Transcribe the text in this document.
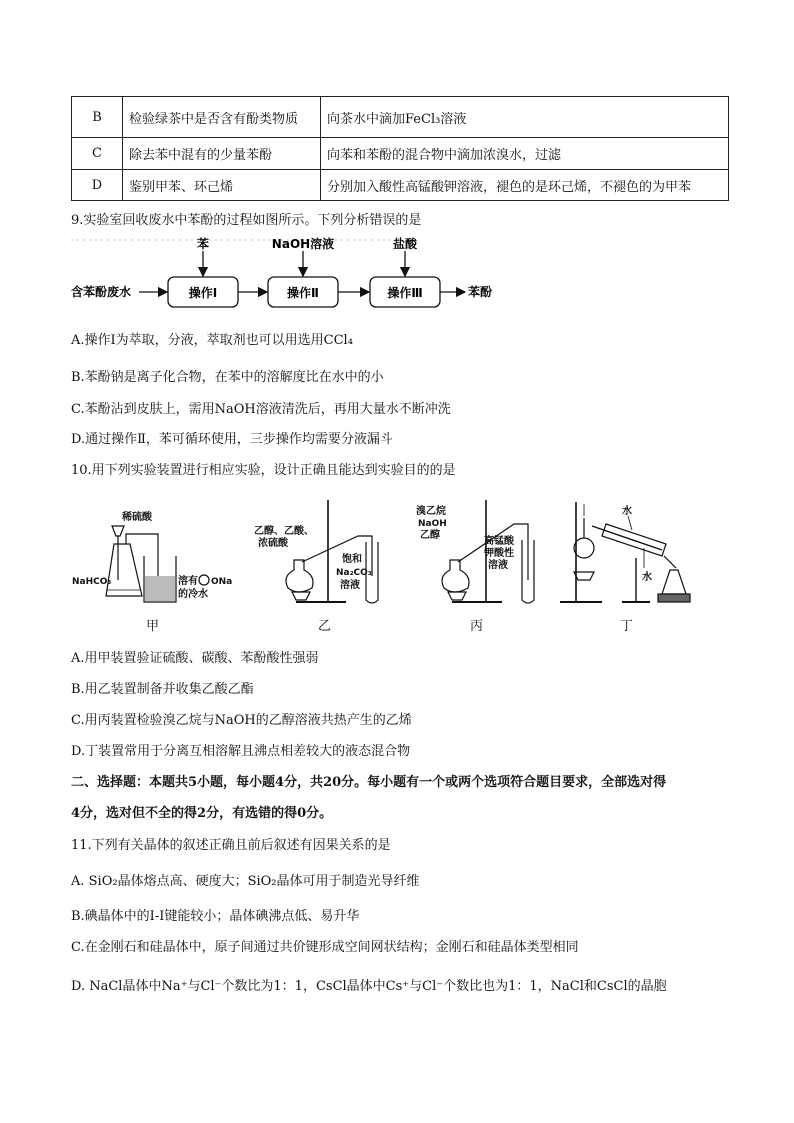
B	检验绿茶中是否含有酚类物质	向茶水中滴加FeCl₃溶液
C	除去苯中混有的少量苯酚	向苯和苯酚的混合物中滴加浓溴水，过滤
D	鉴别甲苯、环己烯	分别加入酸性高锰酸钾溶液，褪色的是环己烯，不褪色的为甲苯
9.实验室回收废水中苯酚的过程如图所示。下列分析错误的是
含苯酚废水	操作Ⅰ
苯
操作Ⅱ
NaOH溶液
操作Ⅲ
盐酸
苯酚
A.操作Ⅰ为萃取，分液，萃取剂也可以用选用CCl₄
B.苯酚钠是离子化合物，在苯中的溶解度比在水中的小
C.苯酚沾到皮肤上，需用NaOH溶液清洗后，再用大量水不断冲洗
D.通过操作Ⅱ，苯可循环使用，三步操作均需要分液漏斗
10.用下列实验装置进行相应实验，设计正确且能达到实验目的的是
稀硫酸
NaHCO₃	溶有 ONa
的冷水
甲
乙醇、乙酸、
浓硫酸
饱和
Na₂CO₃
溶液
乙
溴乙烷
NaOH
乙醇
高锰酸
钾酸性
溶液
丙
水
水
丁
A.用甲装置验证硫酸、碳酸、苯酚酸性强弱
B.用乙装置制备并收集乙酸乙酯
C.用丙装置检验溴乙烷与NaOH的乙醇溶液共热产生的乙烯
D.丁装置常用于分离互相溶解且沸点相差较大的液态混合物
二、选择题：本题共5小题，每小题4分，共20分。每小题有一个或两个选项符合题目要求，全部选对得
4分，选对但不全的得2分，有选错的得0分。
11.下列有关晶体的叙述正确且前后叙述有因果关系的是
A. SiO₂晶体熔点高、硬度大；SiO₂晶体可用于制造光导纤维
B.碘晶体中的I-I键能较小；晶体碘沸点低、易升华
C.在金刚石和硅晶体中，原子间通过共价键形成空间网状结构；金刚石和硅晶体类型相同
D. NaCl晶体中Na⁺与Cl⁻个数比为1：1，CsCl晶体中Cs⁺与Cl⁻个数比也为1：1，NaCl和CsCl的晶胞
